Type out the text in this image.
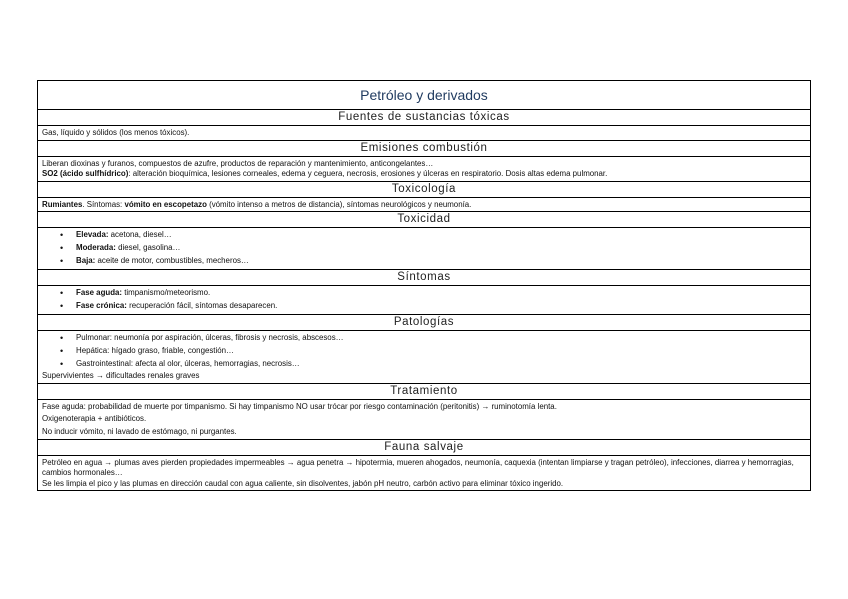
Petróleo y derivados
Fuentes de sustancias tóxicas

Gas, líquido y sólidos (los menos tóxicos).

Emisiones combustión

Liberan dioxinas y furanos, compuestos de azufre, productos de reparación y mantenimiento, anticongelantes…

SO2 (ácido sulfhídrico): alteración bioquímica, lesiones corneales, edema y ceguera, necrosis, erosiones y úlceras en respiratorio. Dosis altas edema pulmonar.

Toxicología

Rumiantes. Síntomas: vómito en escopetazo (vómito intenso a metros de distancia), síntomas neurológicos y neumonía.

Toxicidad
• Elevada: acetona, diesel…
• Moderada: diesel, gasolina…
• Baja: aceite de motor, combustibles, mecheros…
Síntomas
• Fase aguda: timpanismo/meteorismo.
• Fase crónica: recuperación fácil, síntomas desaparecen.
Patologías
• Pulmonar: neumonía por aspiración, úlceras, fibrosis y necrosis, abscesos…
• Hepática: hígado graso, friable, congestión…
• Gastrointestinal: afecta al olor, úlceras, hemorragias, necrosis…

Supervivientes → dificultades renales graves

Tratamiento

Fase aguda: probabilidad de muerte por timpanismo. Si hay timpanismo NO usar trócar por riesgo contaminación (peritonitis) → ruminotomía lenta.

Oxigenoterapia + antibióticos.

No inducir vómito, ni lavado de estómago, ni purgantes.

Fauna salvaje

Petróleo en agua → plumas aves pierden propiedades impermeables → agua penetra → hipotermia, mueren ahogados, neumonía, caquexia (intentan limpiarse y tragan petróleo), infecciones, diarrea y hemorragias, cambios hormonales…

Se les limpia el pico y las plumas en dirección caudal con agua caliente, sin disolventes, jabón pH neutro, carbón activo para eliminar tóxico ingerido.
